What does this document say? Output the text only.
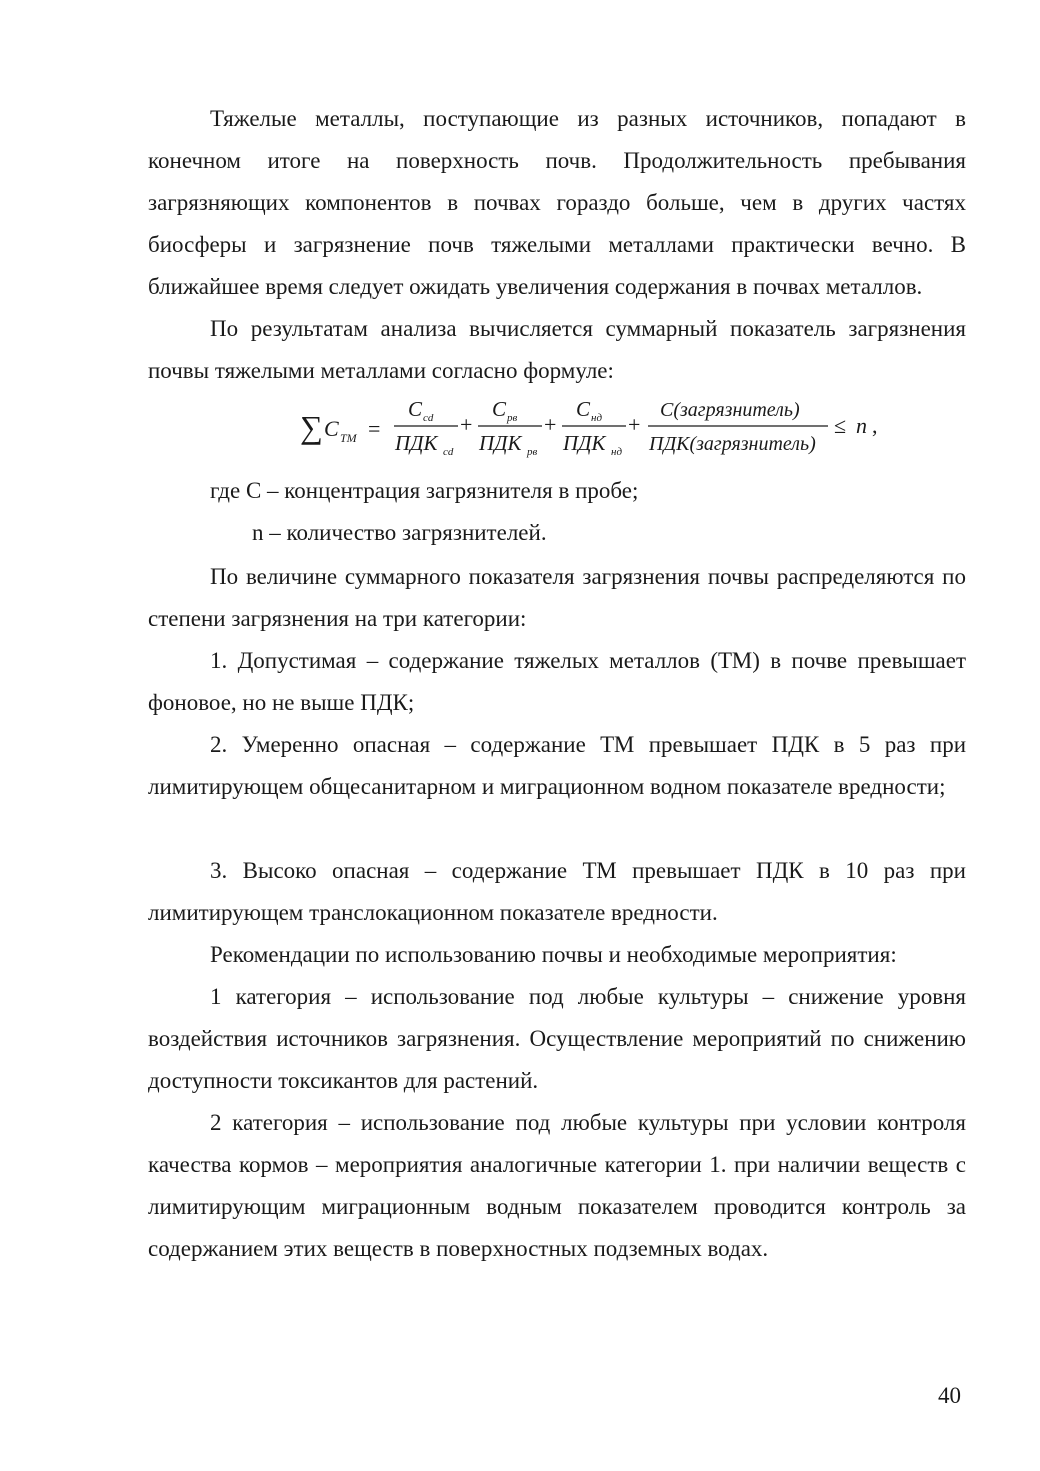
Тяжелые металлы, поступающие из разных источников, попадают в конечном итоге на поверхность почв. Продолжительность пребывания загрязняющих компонентов в почвах гораздо больше, чем в других частях биосферы и загрязнение почв тяжелыми металлами практически вечно. В ближайшее время следует ожидать увеличения содержания в почвах металлов.

По результатам анализа вычисляется суммарный показатель загрязнения почвы тяжелыми металлами согласно формуле:

∑ C ТМ =
C cd
ПДК cd
+
C рв
ПДК рв
+
C нд
ПДК нд
+
C(загрязнитель)
ПДК(загрязнитель)
≤ n ,

где С – концентрация загрязнителя в пробе;

n – количество загрязнителей.

По величине суммарного показателя загрязнения почвы распределяются по степени загрязнения на три категории:

1. Допустимая – содержание тяжелых металлов (ТМ) в почве превышает фоновое, но не выше ПДК;

2. Умеренно опасная – содержание ТМ превышает ПДК в 5 раз при лимитирующем общесанитарном и миграционном водном показателе вредности;

3. Высоко опасная – содержание ТМ превышает ПДК в 10 раз при лимитирующем транслокационном показателе вредности.

Рекомендации по использованию почвы и необходимые мероприятия:

1 категория – использование под любые культуры – снижение уровня воздействия источников загрязнения. Осуществление мероприятий по снижению доступности токсикантов для растений.

2 категория – использование под любые культуры при условии контроля качества кормов – мероприятия аналогичные категории 1. при наличии веществ с лимитирующим миграционным водным показателем проводится контроль за содержанием этих веществ в поверхностных подземных водах.

40
